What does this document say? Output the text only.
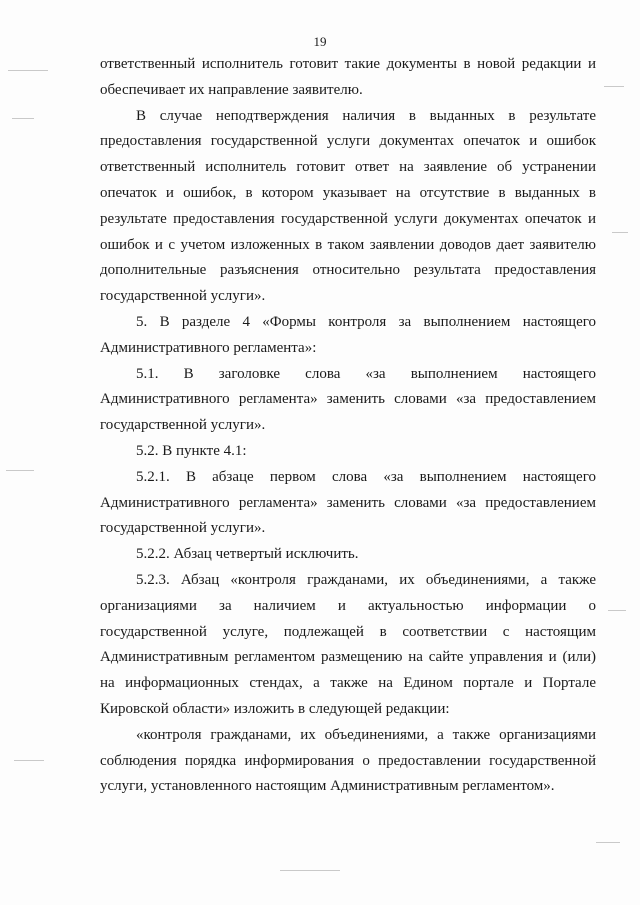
19

ответственный исполнитель готовит такие документы в новой редакции и обеспечивает их направление заявителю.

В случае неподтверждения наличия в выданных в результате предоставления государственной услуги документах опечаток и ошибок ответственный исполнитель готовит ответ на заявление об устранении опечаток и ошибок, в котором указывает на отсутствие в выданных в результате предоставления государственной услуги документах опечаток и ошибок и с учетом изложенных в таком заявлении доводов дает заявителю дополнительные разъяснения относительно результата предоставления государственной услуги».

5. В разделе 4 «Формы контроля за выполнением настоящего Административного регламента»:

5.1. В заголовке слова «за выполнением настоящего Административного регламента» заменить словами «за предоставлением государственной услуги».

5.2. В пункте 4.1:

5.2.1. В абзаце первом слова «за выполнением настоящего Административного регламента» заменить словами «за предоставлением государственной услуги».

5.2.2. Абзац четвертый исключить.

5.2.3. Абзац «контроля гражданами, их объединениями, а также организациями за наличием и актуальностью информации о государственной услуге, подлежащей в соответствии с настоящим Административным регламентом размещению на сайте управления и (или) на информационных стендах, а также на Едином портале и Портале Кировской области» изложить в следующей редакции:

«контроля гражданами, их объединениями, а также организациями соблюдения порядка информирования о предоставлении государственной услуги, установленного настоящим Административным регламентом».
